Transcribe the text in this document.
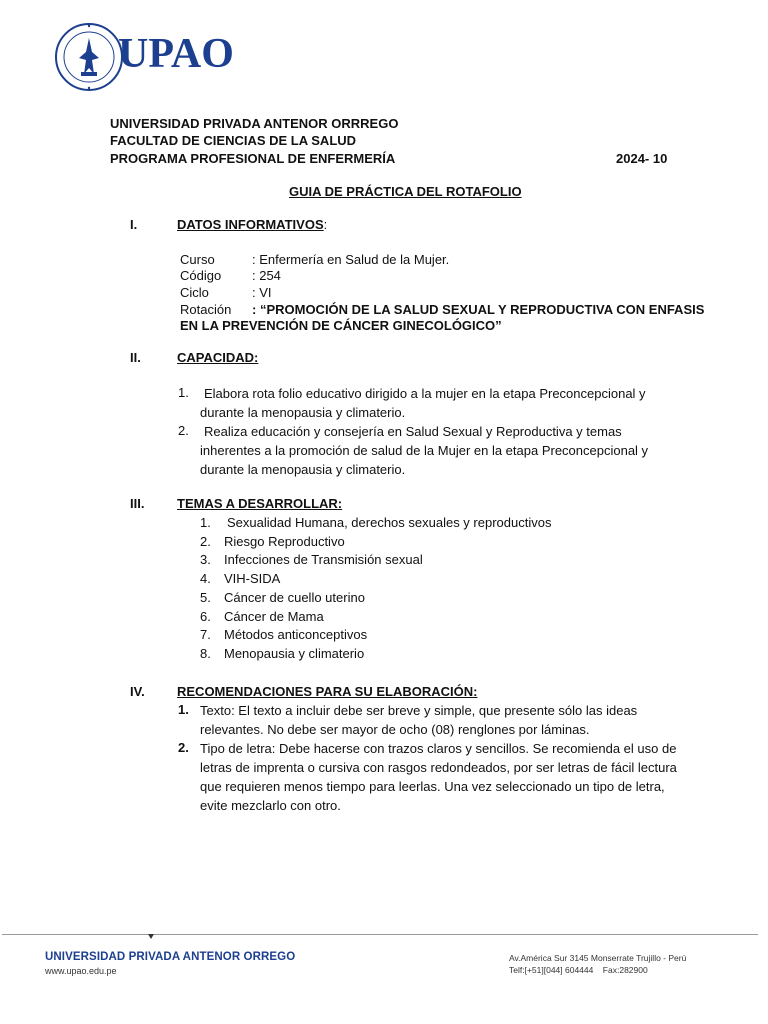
UPAO
UNIVERSIDAD PRIVADA ANTENOR ORRREGO
FACULTAD DE CIENCIAS DE LA SALUD
PROGRAMA PROFESIONAL DE ENFERMERÍA	2024- 10
GUIA DE PRÁCTICA DEL ROTAFOLIO
I.	DATOS INFORMATIVOS:
Curso	: Enfermería en Salud de la Mujer.
Código : 254
Ciclo	: VI
Rotación : “PROMOCIÓN DE LA SALUD SEXUAL Y REPRODUCTIVA CON ENFASIS
EN LA PREVENCIÓN DE CÁNCER GINECOLÓGICO”
II.	CAPACIDAD:
1.	Elabora rota folio educativo dirigido a la mujer en la etapa Preconcepcional y durante la menopausia y climaterio.
2.	Realiza educación y consejería en Salud Sexual y Reproductiva y temas inherentes a la promoción de salud de la Mujer en la etapa Preconcepcional y durante la menopausia y climaterio.
III.	TEMAS A DESARROLLAR:
1. Sexualidad Humana, derechos sexuales y reproductivos
2. Riesgo Reproductivo
3. Infecciones de Transmisión sexual
4. VIH-SIDA
5. Cáncer de cuello uterino
6. Cáncer de Mama
7. Métodos anticonceptivos
8. Menopausia y climaterio
IV. RECOMENDACIONES PARA SU ELABORACIÓN:
1. Texto: El texto a incluir debe ser breve y simple, que presente sólo las ideas relevantes. No debe ser mayor de ocho (08) renglones por láminas.
2. Tipo de letra: Debe hacerse con trazos claros y sencillos. Se recomienda el uso de letras de imprenta o cursiva con rasgos redondeados, por ser letras de fácil lectura que requieren menos tiempo para leerlas. Una vez seleccionado un tipo de letra, evite mezclarlo con otro.
UNIVERSIDAD PRIVADA ANTENOR ORREGO
www.upao.edu.pe
Av.América Sur 3145 Monserrate Trujillo - Perú
Telf:[+51][044] 604444    Fax:282900
